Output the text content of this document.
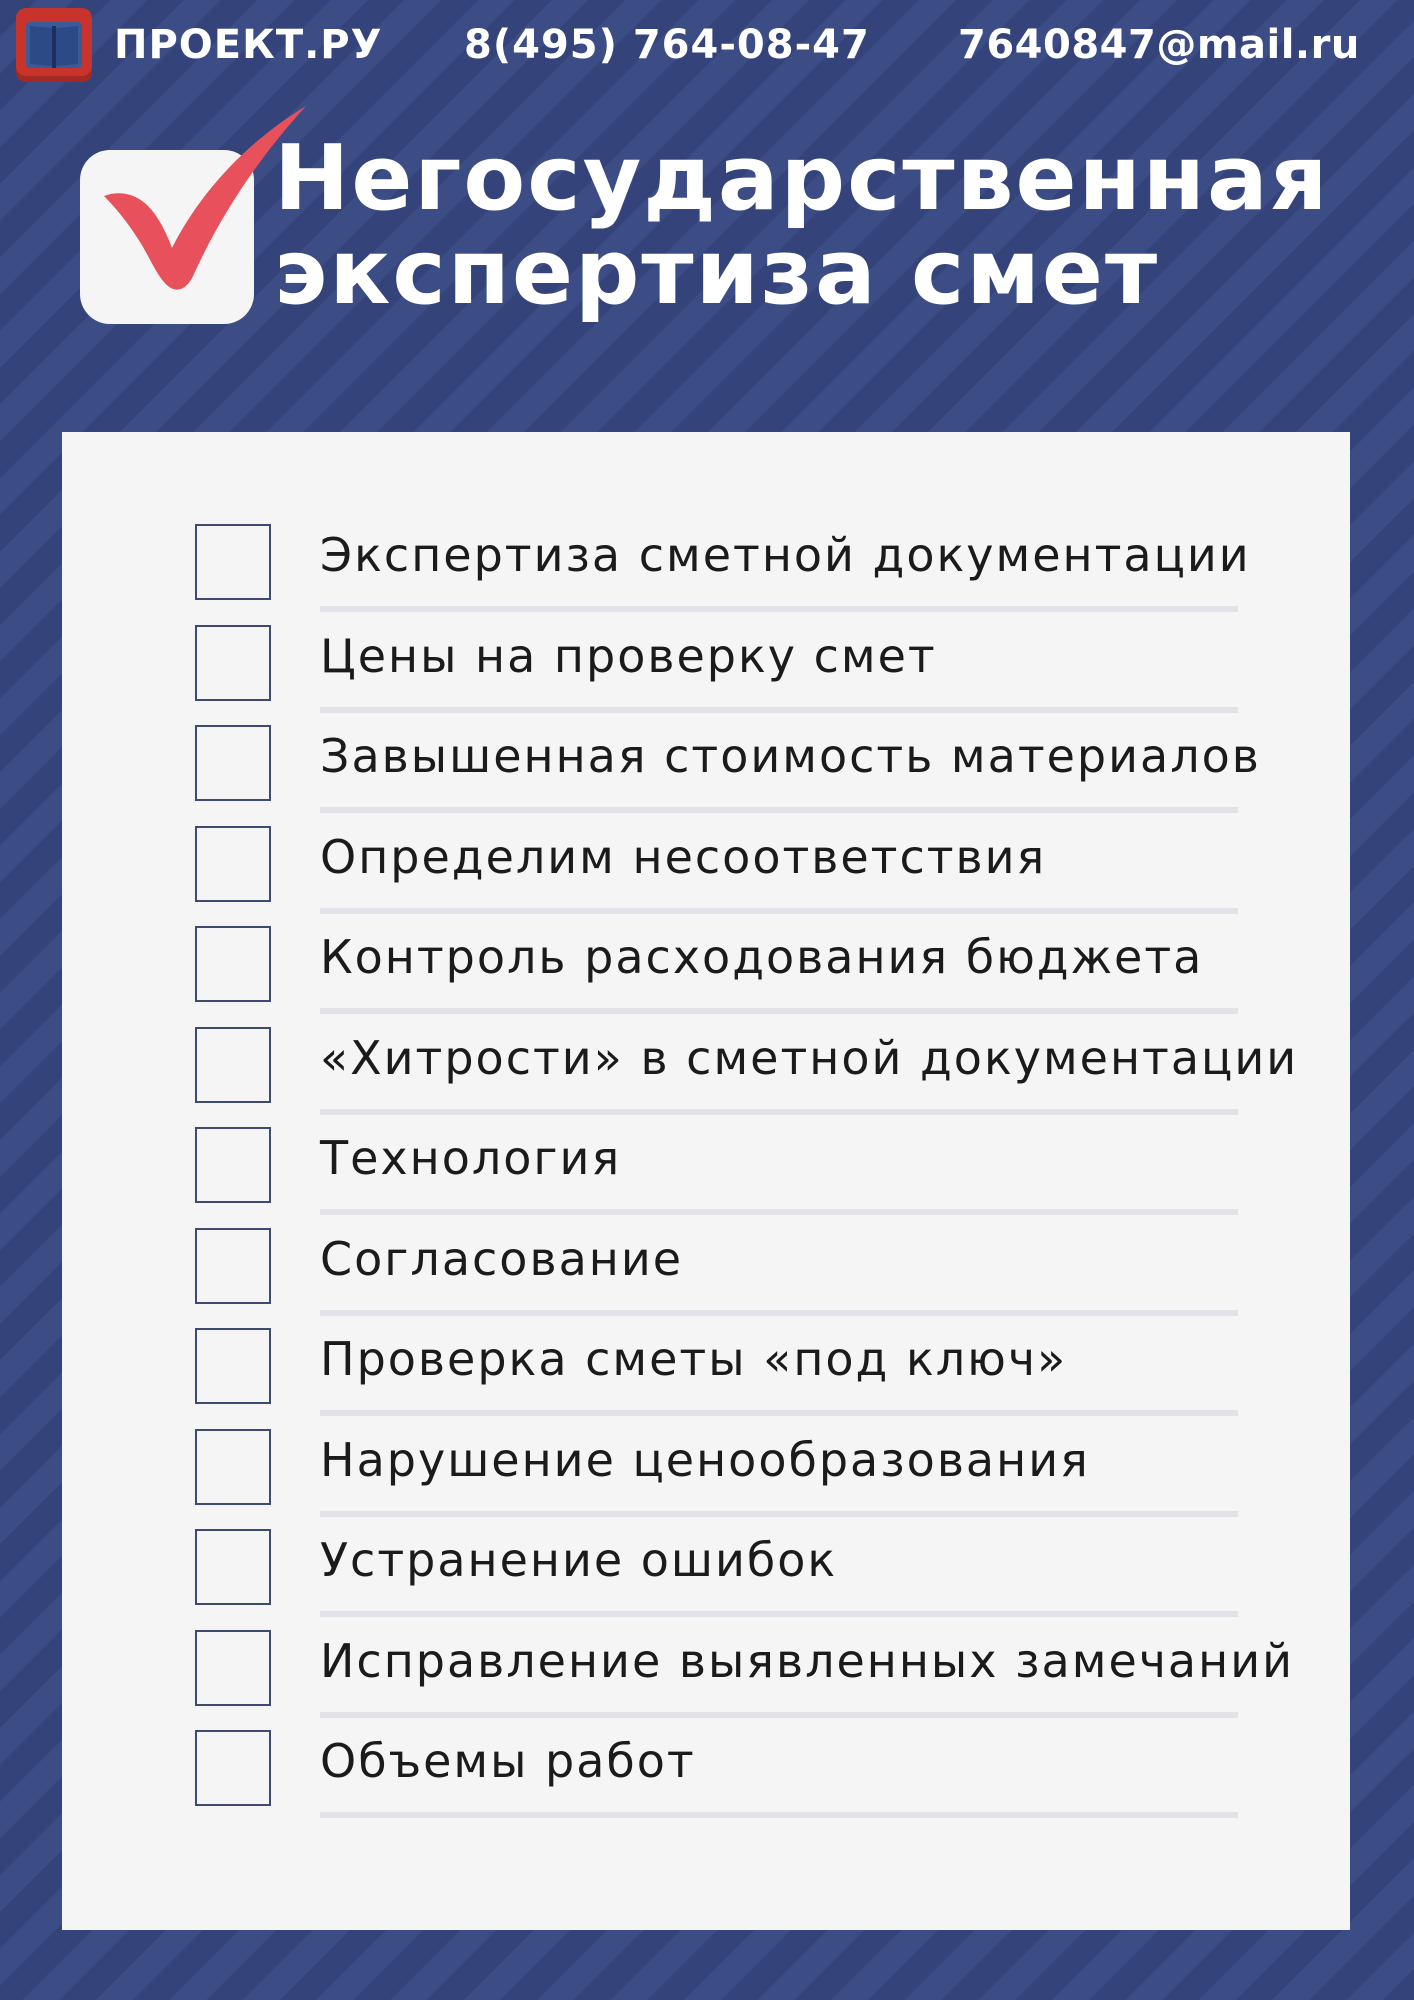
ПРОЕКТ.РУ 8(495) 764-08-47 7640847@mail.ru
Негосударственная
экспертиза смет
Экспертиза сметной документации
Цены на проверку смет
Завышенная стоимость материалов
Определим несоответствия
Контроль расходования бюджета
«Хитрости» в сметной документации
Технология
Согласование
Проверка сметы «под ключ»
Нарушение ценообразования
Устранение ошибок
Исправление выявленных замечаний
Объемы работ
